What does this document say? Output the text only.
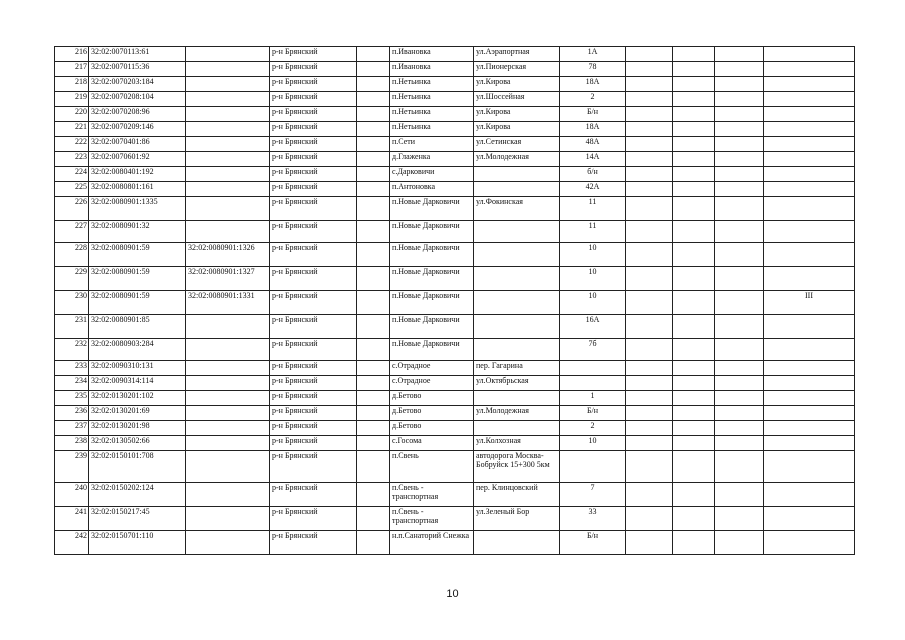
216	32:02:0070113:61		р-н Брянский		п.Ивановка	ул.Аэрапортная	1А				
217	32:02:0070115:36		р-н Брянский		п.Ивановка	ул.Пионерская	78				
218	32:02:0070203:184		р-н Брянский		п.Нетьинка	ул.Кирова	18А				
219	32:02:0070208:104		р-н Брянский		п.Нетьинка	ул.Шоссейная	2				
220	32:02:0070208:96		р-н Брянский		п.Нетьинка	ул.Кирова	Б/н				
221	32:02:0070209:146		р-н Брянский		п.Нетьинка	ул.Кирова	18А				
222	32:02:0070401:86		р-н Брянский		п.Сети	ул.Сетинская	48А				
223	32:02:0070601:92		р-н Брянский		д.Глаженка	ул.Молодежная	14А				
224	32:02:0080401:192		р-н Брянский		с.Дарковичи		б/н				
225	32:02:0080801:161		р-н Брянский		п.Антоновка		42А				
226	32:02:0080901:1335		р-н Брянский		п.Новые Дарковичи	ул.Фокинская	11				
227	32:02:0080901:32		р-н Брянский		п.Новые Дарковичи		11				
228	32:02:0080901:59	32:02:0080901:1326	р-н Брянский		п.Новые Дарковичи		10				
229	32:02:0080901:59	32:02:0080901:1327	р-н Брянский		п.Новые Дарковичи		10				
230	32:02:0080901:59	32:02:0080901:1331	р-н Брянский		п.Новые Дарковичи		10				III
231	32:02:0080901:85		р-н Брянский		п.Новые Дарковичи		16А				
232	32:02:0080903:284		р-н Брянский		п.Новые Дарковичи		7б				
233	32:02:0090310:131		р-н Брянский		с.Отрадное	пер. Гагарина					
234	32:02:0090314:114		р-н Брянский		с.Отрадное	ул.Октябрьская					
235	32:02:0130201:102		р-н Брянский		д.Бетово		1				
236	32:02:0130201:69		р-н Брянский		д.Бетово	ул.Молодежная	Б/н				
237	32:02:0130201:98		р-н Брянский		д.Бетово		2				
238	32:02:0130502:66		р-н Брянский		с.Госома	ул.Колхозная	10				
239	32:02:0150101:708		р-н Брянский		п.Свень	автодорога Москва-Бобруйск 15+300 5км					
240	32:02:0150202:124		р-н Брянский		п.Свень - транспортная	пер. Клинцовский	7				
241	32:02:0150217:45		р-н Брянский		п.Свень - транспортная	ул.Зеленый Бор	33				
242	32:02:0150701:110		р-н Брянский		н.п.Санаторий Снежка		Б/н				
10
